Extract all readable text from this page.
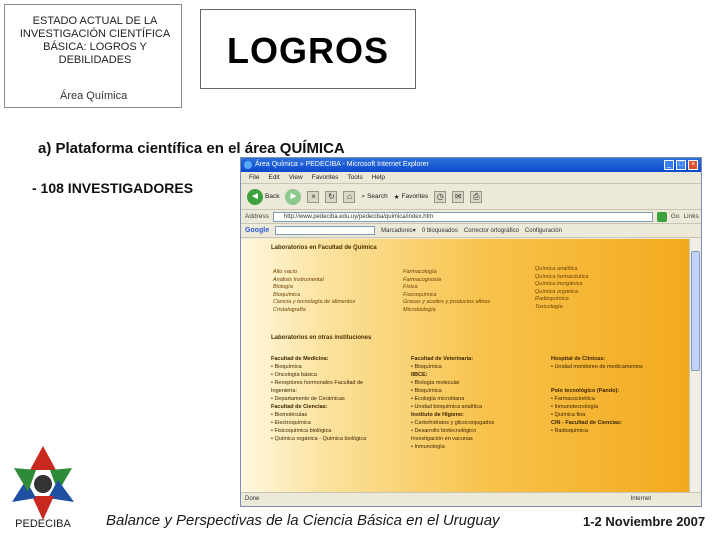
ESTADO ACTUAL DE LA
INVESTIGACIÓN CIENTÍFICA
BÁSICA: LOGROS Y
DEBILIDADES
Área Química
LOGROS
a) Plataforma científica en el área QUÍMICA
- 108 INVESTIGADORES
Área Química » PEDECIBA - Microsoft Internet Explorer	_	□	×
File Edit View Favorites Tools Help
◄ Back ►	×	↻	⌂	⌕ Search ★ Favorites	◷	✉	⎙
Address	http://www.pedeciba.edu.uy/pedeciba/quimica/index.htm	Go Links
Google	Marcadores▾ 0 bloqueados Corrector ortográfico Configuración
Laboratorios en Facultad de Química
Alto vacío
Análisis Instrumental
Biología
Bioquímica
Ciencia y tecnología de alimentos
Cristalografía
Farmacología
Farmacognosia
Física
Fisicoquímica
Grasas y aceites y productos afines
Microbiología
Química analítica
Química farmacéutica
Química inorgánica
Química orgánica
Radioquímica
Toxicología
Laboratorios en otras instituciones
Facultad de Medicina:
• Bioquímica
• Oncología básica
• Receptores hormonales Facultad de
Ingeniería:
• Departamento de Cerámicas
Facultad de Ciencias:
• Biomoléculas
• Electroquímica
• Fisicoquímica biológica
• Química orgánica - Química biológica
Facultad de Veterinaria:
• Bioquímica
IIBCE:
• Biología molecular
• Bioquímica
• Ecología microbiana
• Unidad bioquímica analítica
Instituto de Higiene:
• Carbohidratos y glicoconjugados
• Desarrollo biotecnológico
Investigación en vacunas
• Inmunología
Hospital de Clínicas:
• Unidad monitoreo de medicamentos
Polo tecnológico (Pando):
• Farmacocinética
• Inmunotecnología
• Química fina
CIN - Facultad de Ciencias:
• Radioquímica
Done	Internet
PEDECIBA	Balance y Perspectivas de la Ciencia Básica en el Uruguay	1-2 Noviembre 2007
